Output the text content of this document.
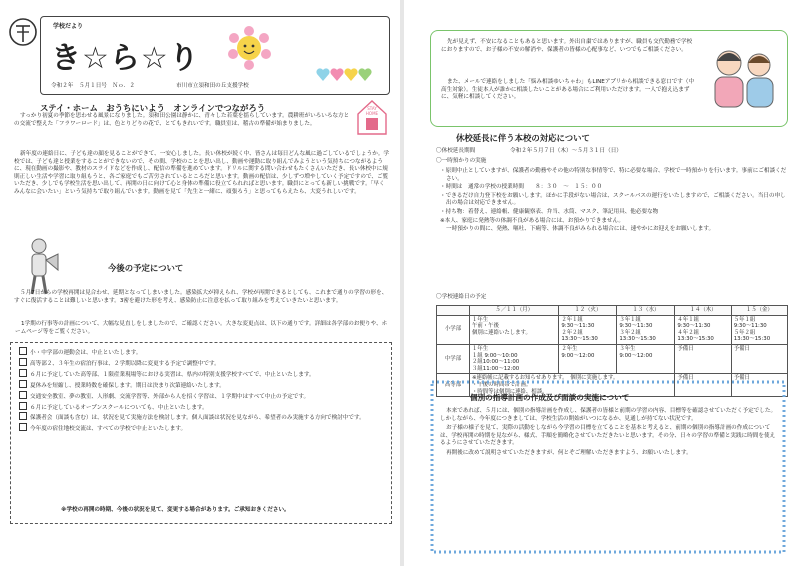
学校だより
き☆ら☆り
令和２年　５月１日号　Ｎｏ．２	市川市立須和田の丘支援学校
ステイ・ホーム　おうちにいよう　オンラインでつながろう	STAY
HOME
すっかり初夏の季節を思わせる風景になりました。須和田公園は静かに、青々した若葉を揺らしています。農耕班がいろいろな方との交流で整えた「フラワーロード」は、色とりどりの花で、とてもきれいです。職員室は、稽古の準備が始まりました。
新年度の連絡日に、子ども達の顔を見ることができて、一安心しました。長い休校が続く中、皆さんは毎日どんな風に過ごしているでしょうか。学校では、子ども達と授業をすることができないので、その間、学校のことを思い出し、動画や運動に取り組んでみようという気持ちにつながるように、現在動画の撮影や、教材のスライドなどを作成し、配信の準備を進めています。ドリルに関する問い合わせもたくさんいただき、長い休校中に規則正しい生活や学習に取り組もうと、各ご家庭でもご苦労されているところだと思います。動画の配信は、少しずつ増やしていく予定ですので、ご覧いただき、少しでも学校生活を思い出して、再開の日に向けて心と身体の準備に役立てられればと思います。職員にとっても新しい挑戦です。「早くみんなに会いたい」という気持ちで取り組んでいます。動画を見て「先生と一緒に、頑張ろう」と思ってもらえたら、大変うれしいです。
今後の予定について
５月7日からの学校再開は見合わせ、延期となってしまいました。感染拡大が抑えられ、学校が再開できるとしても、これまで通りの学習の形を、すぐに復活することは難しいと思います。3密を避けた形を考え、感染防止に注意を払って取り組みを考えていきたいと思います。
1学期の行事等の計画について、大幅な見直しをしましたので、ご確認ください。大きな変更点は、以下の通りです。詳細は各学部のお便りや、ホームページ等をご覧ください。
小・中学部の運動会は、中止といたします。
高等部２、３年生の宿泊行事は、２学期以降に変更する予定で調整中です。
６月に予定していた高等部、１限産業現場等における実習は、県内の特別支援学校すべてで、中止といたします。
夏休みを短縮し、授業時数を確保します。期日は決まり次第連絡いたします。
交通安全教室、夢の教室、人形劇、交流学習等、外部から人を招く学習は、１学期中はすべて中止の予定です。
６月に予定しているオープンスクールについても、中止といたします。
保護者会（面談も含む）は、状況を見て実施方法を検討します。個人面談は状況を見ながら、希望者のみ実施する方向で検討中です。
今年度の宿住地校交流は、すべての学校で中止といたします。
※学校の再開の時期、今後の状況を見て、変更する場合があります。ご承知おきください。
先が見えず、不安になることもあると思います。外出自粛ではありますが、職員も交代勤務で学校におりますので、お子様の不安の解消や、保護者の皆様の心配事など、いつでもご相談ください。
また、メールで連絡をしました「悩み相談ゆいちゃわ」もLINEアプリから相談できる窓口です（中高生対象）。生徒本人が誰かに相談したいことがある場合にご利用いただけます。一人で抱え込まずに、気軽に相談してください。
休校延長に伴う本校の対応について
〇休校延長期間	令和２年５月７日（木）～５月３１日（日）
〇一時預かりの実施
・原則中止としていますが、保護者の勤務やその他の特別な事情等で、特に必要な場合、学校で一時預かりを行います。事前にご相談ください。
・時間は　通常の学校の授業時間　　８：３０　～　１５：００
・できるだけ自力登下校をお願いします。ほかに手段がない場合は、スクールバスの運行をいたしますので、ご相談ください。当日の申し出の場合は対応できません。
・持ち物：着替え、連絡帳、健康観察表、弁当、水筒、マスク、筆記用具、他必要な物
※本人、家庭に発熱等の体調不良がある場合には、お預かりできません。
一時預かりの間に、発熱、嘔吐、下痢等、体調不良がみられる場合には、速やかにお迎えをお願いします。
〇学校連絡日の予定
	５／１１（月）	１２（火）	１３（水）	１４（木）	１５（金）
小学部	１年生
午前・午後
個別に連絡いたします。	２年１組
9:30～11:30
２年２組
13:30～15:30	３年１組
9:30～11:30
３年２組
13:30～15:30	４年１組
9:30～11:30
４年２組
13:30～15:30	５年１組
9:30～11:30
５年２組
13:30～15:30
中学部	１年生
１組 9:00～10:00
２組10:00～11:00
３組11:00～12:00	２年生
9:00～12:00	３年生
9:00～12:00	予備日	予備日
高等部	※連絡帳に記載するお知らせあります。　個別に実施します。
・午後の時間帯で計画。
・時間等は個別に連絡、相談。			予備日	予備日
個別の指導計画の作成及び面談の実施について
本来であれば、５月には、個別の指導計画を作成し、保護者の皆様と前期の学習の内容、目標等を確認させていただく予定でした。しかしながら、今年度につきましては、学校生活の開始がいつになるか、見通しが持てない状況です。
お子様の様子を見て、実際の活動をしながら今学習の目標を立てることを基本と考えると、前期の個別の指導計画の作成については、学校再開の時期を見ながら、様式、手順を簡略化させていただきたいと思います。その分、日々の学習の準備と実践に時間を使えるようにさせていただきます。
再開後に改めて説明させていただきますが、何とぞご理解いただきますよう、お願いいたします。
